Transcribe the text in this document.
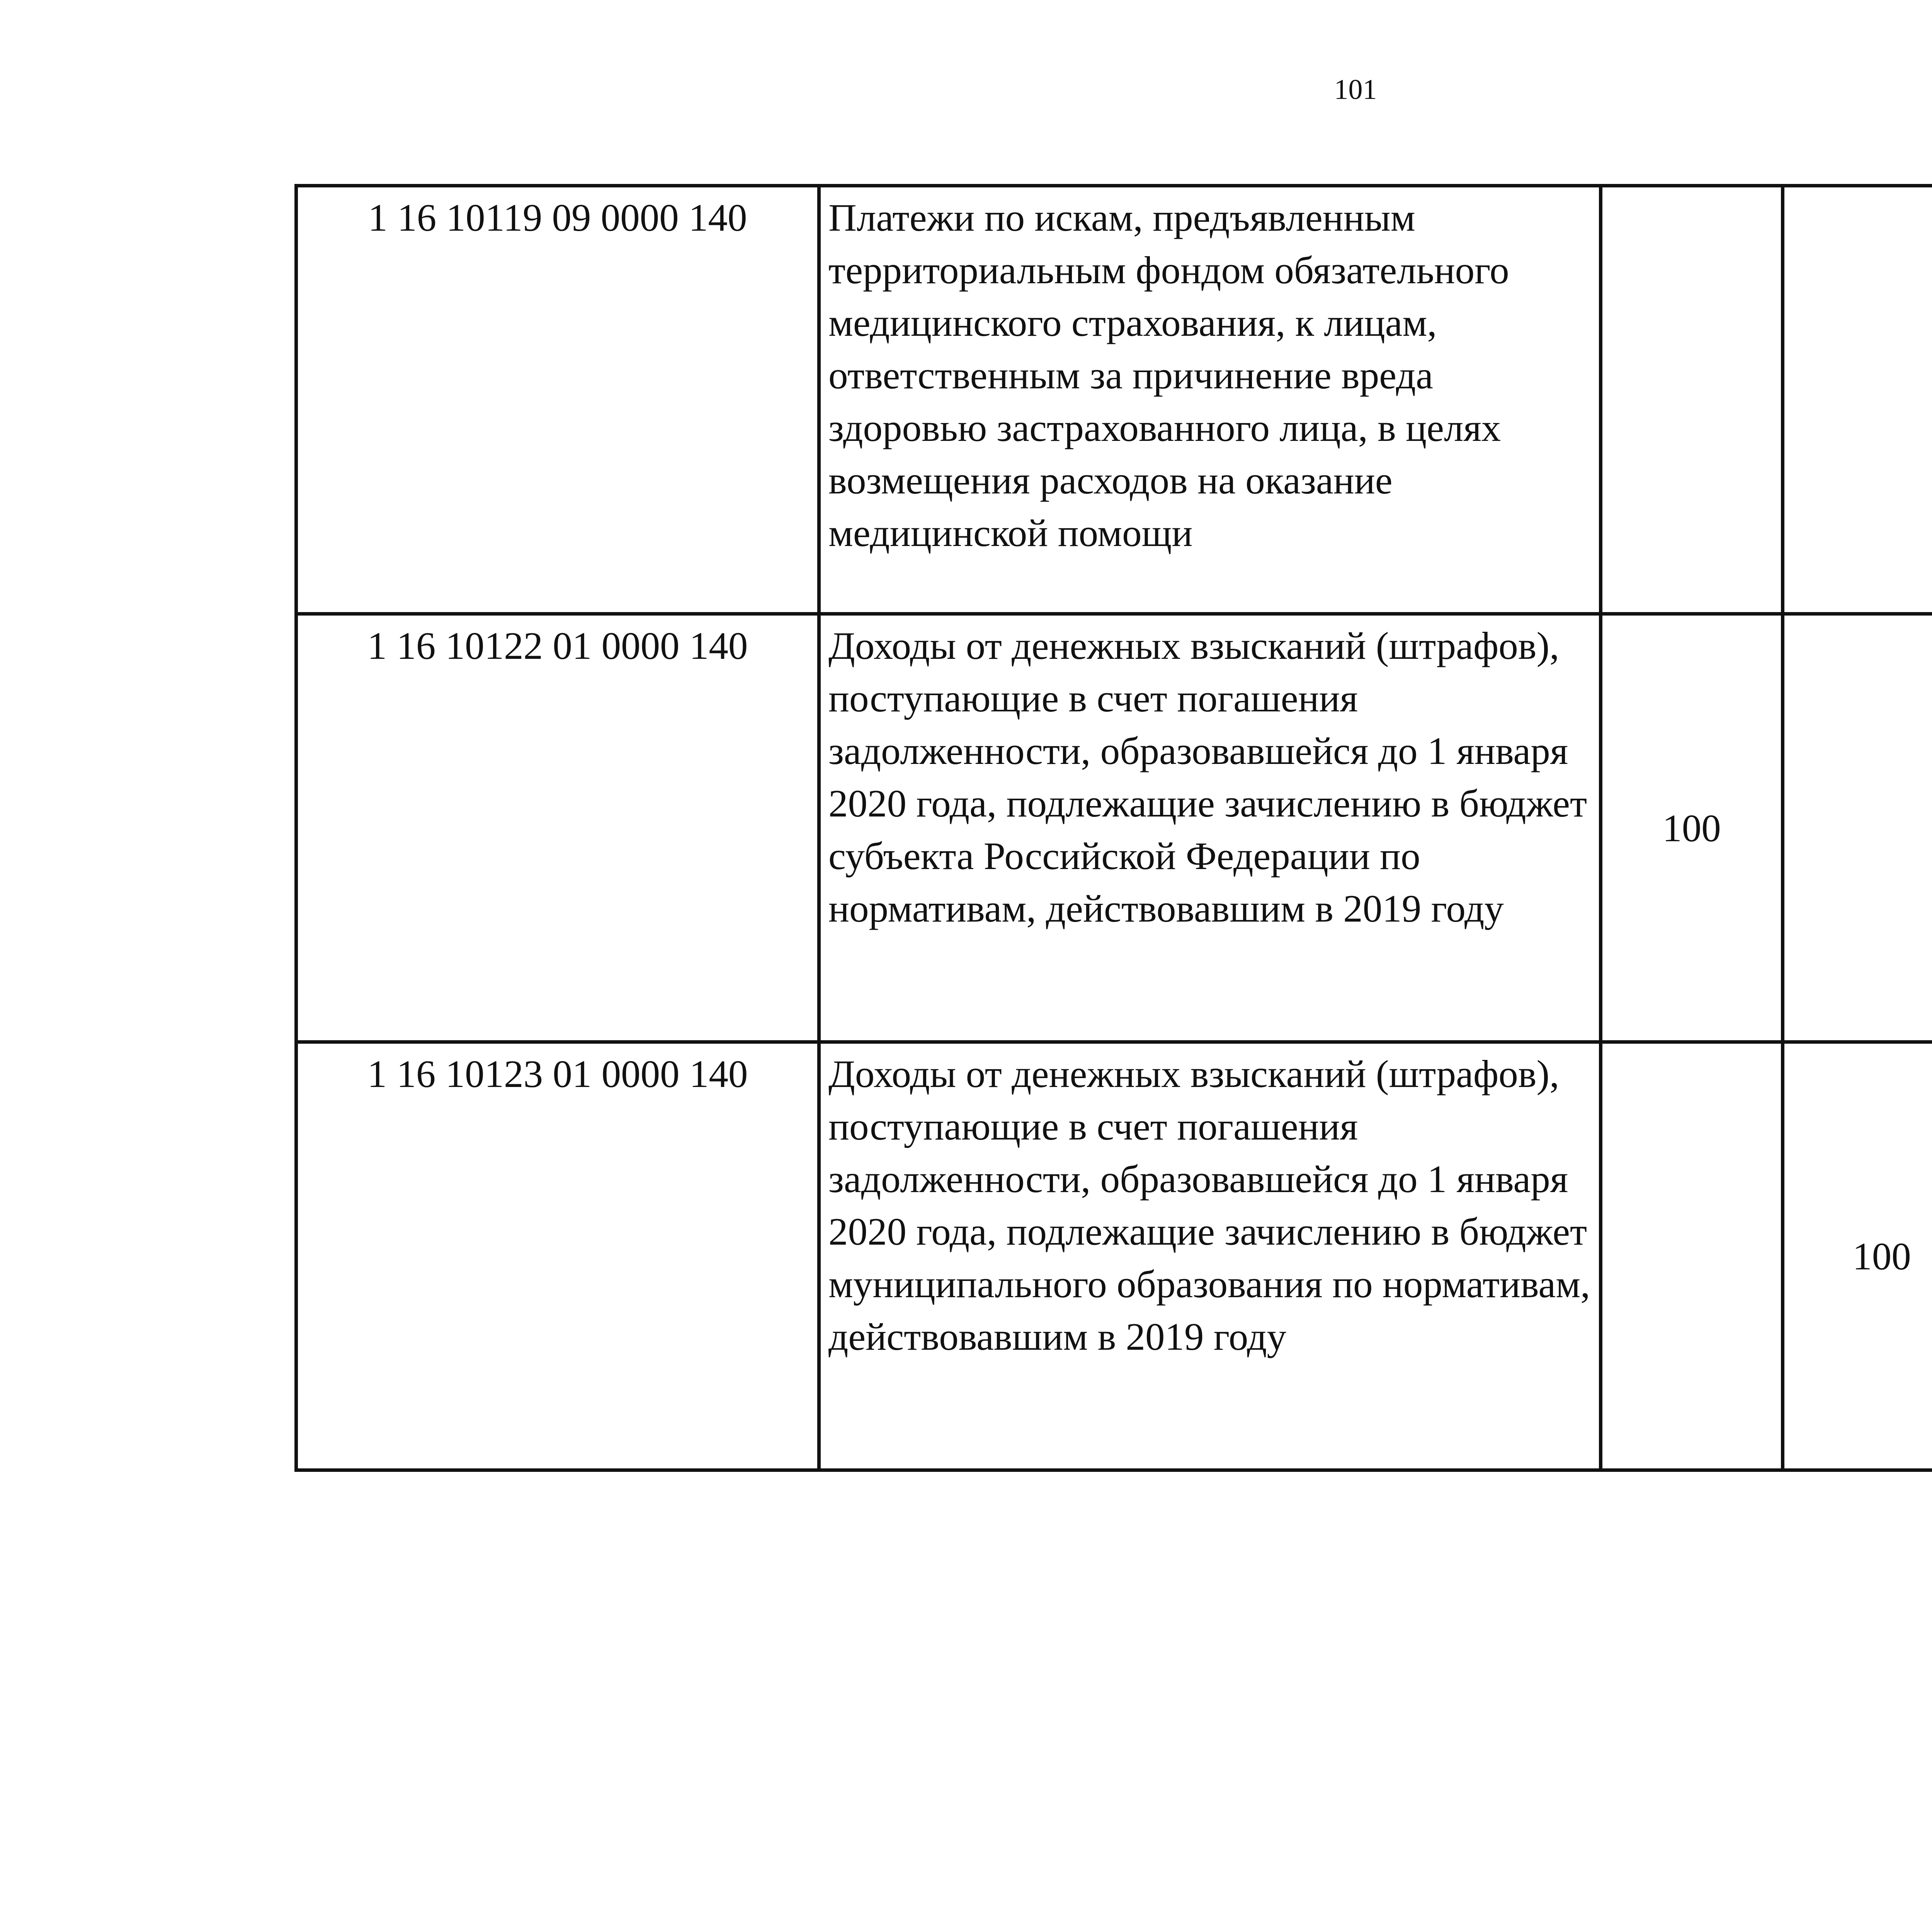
101
1 16 10119 09 0000 140	Платежи по искам, предъявленным территориальным фондом обязательного медицинского страхования, к лицам, ответственным за причинение вреда здоровью застрахованного лица, в целях возмещения расходов на оказание медицинской помощи					
1 16 10122 01 0000 140	Доходы от денежных взысканий (штрафов), поступающие в счет погашения задолженности, образовавшейся до 1 января 2020 года, подлежащие зачислению в бюджет субъекта Российской Федерации по нормативам, действовавшим в 2019 году	100				
1 16 10123 01 0000 140	Доходы от денежных взысканий (штрафов), поступающие в счет погашения задолженности, образовавшейся до 1 января 2020 года, подлежащие зачислению в бюджет муниципального образования по нормативам, действовавшим в 2019 году		100			
